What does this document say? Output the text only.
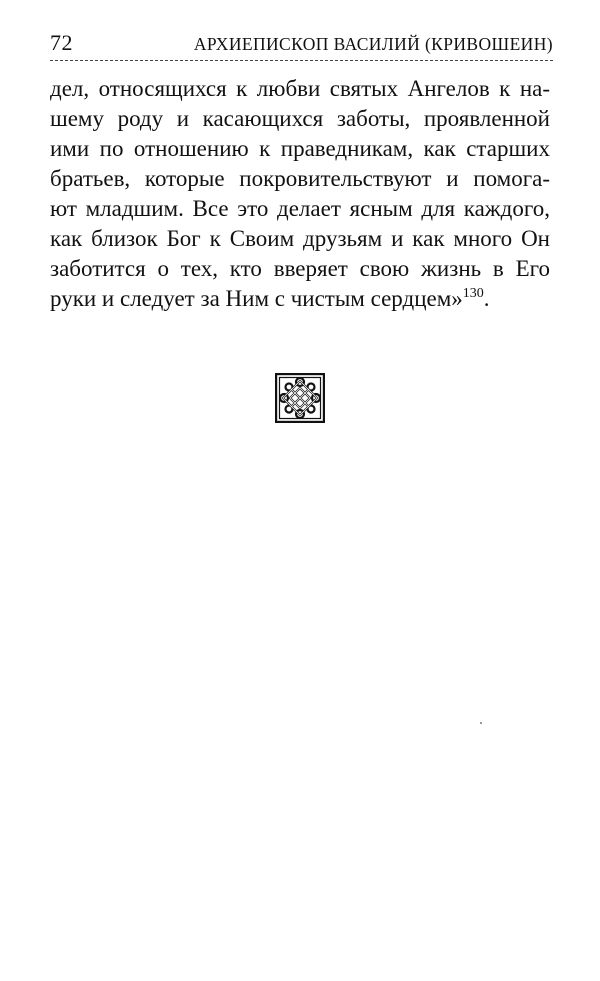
72	АРХИЕПИСКОП ВАСИЛИЙ (КРИВОШЕИН)
дел, относящихся к любви святых Ангелов к на-
шему роду и касающихся заботы, проявленной
ими по отношению к праведникам, как старших
братьев, которые покровительствуют и помога-
ют младшим. Все это делает ясным для каждого,
как близок Бог к Своим друзьям и как много Он
заботится о тех, кто вверяет свою жизнь в Его
руки и следует за Ним с чистым сердцем»$^{130}$.
